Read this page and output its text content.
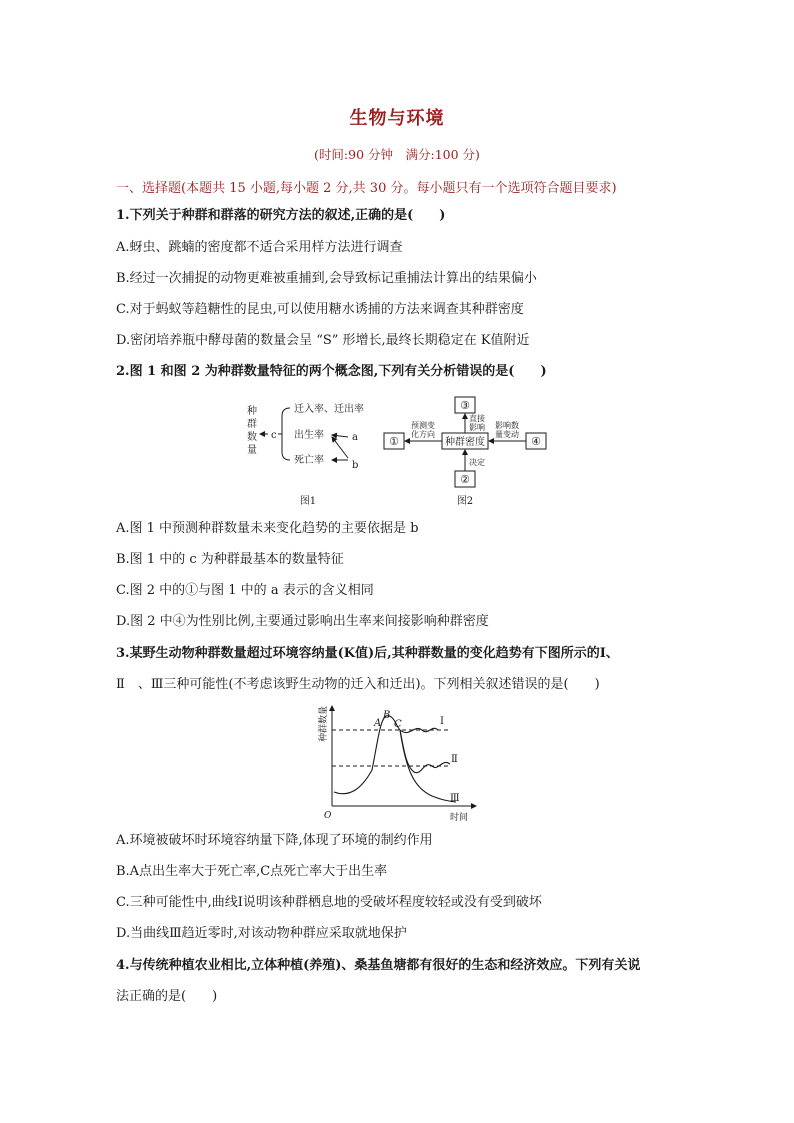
生物与环境
(时间:90 分钟　满分:100 分)
一、选择题(本题共 15 小题,每小题 2 分,共 30 分。每小题只有一个选项符合题目要求)
1.下列关于种群和群落的研究方法的叙述,正确的是(　　)
A.蚜虫、跳蝻的密度都不适合采用样方法进行调查
B.经过一次捕捉的动物更难被重捕到,会导致标记重捕法计算出的结果偏小
C.对于蚂蚁等趋糖性的昆虫,可以使用糖水诱捕的方法来调查其种群密度
D.密闭培养瓶中酵母菌的数量会呈 “S” 形增长,最终长期稳定在 K值附近
2.图 1 和图 2 为种群数量特征的两个概念图,下列有关分析错误的是(　　)
种
群
数
量
c
迁入率、迁出率
出生率
死亡率
a
b
图1
种群密度
①
③
②
④
预测变
化方向
直接
影响 影响数
量变动
决定
图2
A.图 1 中预测种群数量未来变化趋势的主要依据是 b
B.图 1 中的 c 为种群最基本的数量特征
C.图 2 中的①与图 1 中的 a 表示的含义相同
D.图 2 中④为性别比例,主要通过影响出生率来间接影响种群密度
3.某野生动物种群数量超过环境容纳量(K值)后,其种群数量的变化趋势有下图所示的Ⅰ、
Ⅱ　、Ⅲ三种可能性(不考虑该野生动物的迁入和迁出)。下列相关叙述错误的是(　　)
种群数量
时间
O
A
B
C	Ⅰ
Ⅱ
Ⅲ
A.环境被破坏时环境容纳量下降,体现了环境的制约作用
B.A点出生率大于死亡率,C点死亡率大于出生率
C.三种可能性中,曲线Ⅰ说明该种群栖息地的受破坏程度较轻或没有受到破坏
D.当曲线Ⅲ趋近零时,对该动物种群应采取就地保护
4.与传统种植农业相比,立体种植(养殖)、桑基鱼塘都有很好的生态和经济效应。下列有关说
法正确的是(　　)
